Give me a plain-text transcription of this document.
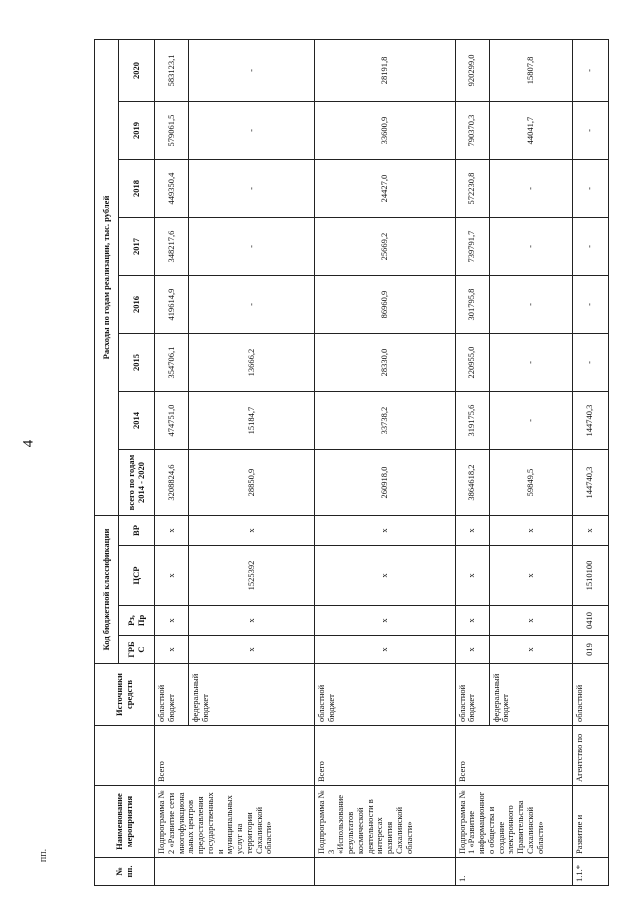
4
пп.
№ пп.	Наименование мероприятия		Источники средств	Код бюджетной классификации				Расходы по годам реализации, тыс. рублей							
				ГРБС	Рз, Пр	ЦСР	ВР	всего по годам 2014 - 2020	2014	2015	2016	2017	2018	2019	2020
	Подпрограмма № 2 «Развитие сети многофункциональных центров предоставления государственных и муниципальных услуг на территории Сахалинской области»	Всего	областной бюджет	x	x	x	x	3208824,6	474751,0	354706,1	419614,9	348217,6	449350,4	579061,5	583123,1
			федеральный бюджет	x	x	1525392	x	28850,9	15184,7	13666,2	-	-	-	-	-
	Подпрограмма № 3 «Использование результатов космической деятельности в интересах развития Сахалинской области»	Всего	областной бюджет	x	x	x	x	260918,0	33738,2	28330,0	86960,9	25669,2	24427,0	33600,9	28191,8
1.	Подпрограмма № 1 «Развитие информационного общества и создание электронного Правительства Сахалинской области»	Всего	областной бюджет	x	x	x	x	3864618,2	319175,6	220955,0	301795,8	739791,7	572230,8	790370,3	920299,0
			федеральный бюджет	x	x	x	x	59849,5	-	-	-	-	-	44041,7	15807,8
1.1.*	Развитие и	Агентство по	областной	019	0410	1510100	x	144740,3	144740,3	-	-	-	-	-	-
